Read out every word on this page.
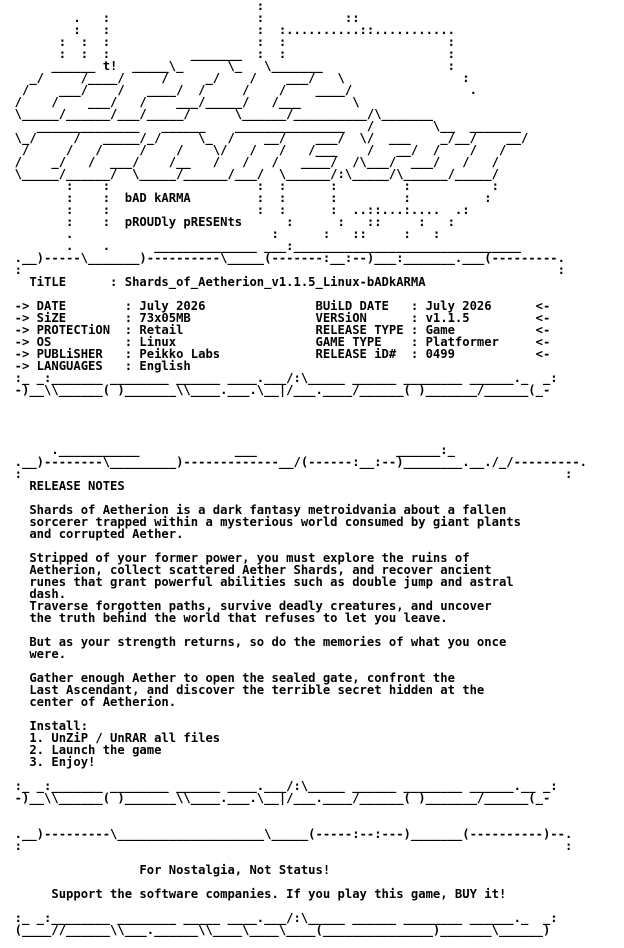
:
.   :                    :           ::
:   :                    :  :..........::...........
:  :  :                    :  :                      :
:  :  :           _______  :  :                      :
______ t!  _____\_      \_   \_______                 :
_/     /____/     /     _/    /    ___/   \                :
/    ___/    /   ____/  /     /    /    ____/                .
/    /    ___/   /    ___/_____/   /___       \
\_____/______/___/_____/      \______/__________/\_______
______________   ______    _______________   /        \__  _______
\_/     /   _____/_/     \_  /    __/    ___/  \/  ___    _/__/    __/
/     /   /     /    /    \/   /   /   /___    /   __/  /    /   /
/    _/   /  ___/    /__   /   /   /   ____/  /\___/  ___/   /   /
\_____/______/  \_____/______/___/  \______/:\_____/\______/_____/
:    :                    :  :      :         :           :
:    :  bAD kARMA         :  :      :         :          :
:    :                    :  :      :  ..::...:....  .:
:    :  pROUDly pRESENts      :      :   ::     :   :
.                           :      :   ::     :   :
.    .      ______________ ___:_______________________________
.__)-----\_______)----------\_____(-------:__:--)___:_______.___(---------.
:                                                                         :
TiTLE      : Shards_of_Aetherion_v1.1.5_Linux-bADkARMA

-> DATE        : July 2026               BUiLD DATE   : July 2026      <-
-> SiZE        : 73x05MB                 VERSiON      : v1.1.5         <-
-> PROTECTiON  : Retail                  RELEASE TYPE : Game           <-
-> OS          : Linux                   GAME TYPE    : Platformer     <-
-> PUBLiSHER   : Peikko Labs             RELEASE iD#  : 0499           <-
-> LANGUAGES   : English
:_ _:_______ ________ ______ ____.___/:\_____ ______ ________ ______._  _:
-)__\\______( )_______\\____.___.\__|/___.____/______( )_______/______(_-

.___________             ___                   ______:_
.__)--------\_________)-------------__/(------:__:--)________.__./_/---------.
:                                                                          :
RELEASE NOTES

Shards of Aetherion is a dark fantasy metroidvania about a fallen
sorcerer trapped within a mysterious world consumed by giant plants
and corrupted Aether.

Stripped of your former power, you must explore the ruins of
Aetherion, collect scattered Aether Shards, and recover ancient
runes that grant powerful abilities such as double jump and astral
dash.
Traverse forgotten paths, survive deadly creatures, and uncover
the truth behind the world that refuses to let you leave.

But as your strength returns, so do the memories of what you once
were.

Gather enough Aether to open the sealed gate, confront the
Last Ascendant, and discover the terrible secret hidden at the
center of Aetherion.

Install:
1. UnZiP / UnRAR all files
2. Launch the game
3. Enjoy!

:_ _:_______ ________ ______ ____.___/:\_____ ______ ________ ______.__ _:
-)__\\______( )_______\\____.___.\__|/___.____/______( )_______/______(_-

.__)---------\____________________\_____(-----:--:---)_______(----------)--.
:                                                                          :

For Nostalgia, Not Status!

Support the software companies. If you play this game, BUY it!

:_ _:________ ________ _____ ____.___/:\_____ ______ ________ ______._  _:
(____//______\\___.______\\____\____\____(_______________)_______\______)
